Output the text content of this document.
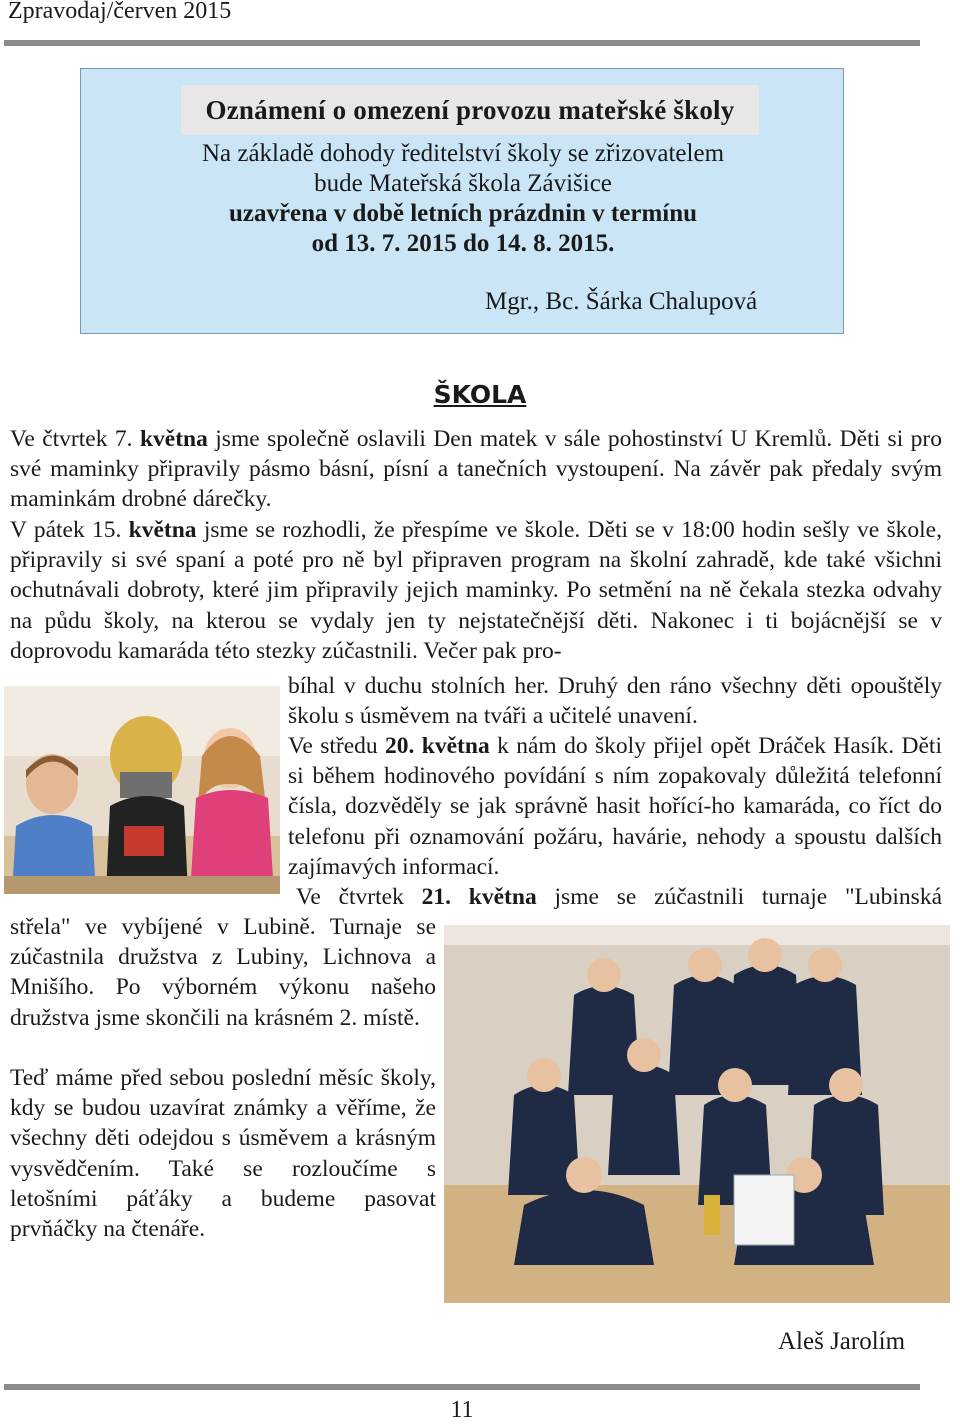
Zpravodaj/červen 2015
Oznámení o omezení provozu mateřské školy
Na základě dohody ředitelství školy se zřizovatelem
bude Mateřská škola Závišice
uzavřena v době letních prázdnin v termínu
od 13. 7. 2015 do 14. 8. 2015.
Mgr., Bc. Šárka Chalupová
ŠKOLA
Ve čtvrtek 7. května jsme společně oslavili Den matek v sále pohostinství U Kremlů. Děti si pro své maminky připravily pásmo básní, písní a tanečních vystoupení. Na závěr pak předaly svým maminkám drobné dárečky.
V pátek 15. května jsme se rozhodli, že přespíme ve škole. Děti se v 18:00 hodin sešly ve škole, připravily si své spaní a poté pro ně byl připraven program na školní zahradě, kde také všichni ochutnávali dobroty, které jim připravily jejich maminky. Po setmění na ně čekala stezka odvahy na půdu školy, na kterou se vydaly jen ty nejstatečnější děti. Nakonec i ti bojácnější se v doprovodu kamaráda této stezky zúčastnili. Večer pak pro-
bíhal v duchu stolních her. Druhý den ráno všechny děti opouštěly školu s úsměvem na tváři a učitelé unavení.
Ve středu 20. května k nám do školy přijel opět Dráček Hasík. Děti si během hodinového povídání s ním zopakovaly důležitá telefonní čísla, dozvěděly se jak správně hasit hořící-ho kamaráda, co říct do telefonu při oznamování požáru, havárie, nehody a spoustu dalších zajímavých informací.
Ve čtvrtek 21. května jsme se zúčastnili turnaje "Lubinská
střela" ve vybíjené v Lubině. Turnaje se zúčastnila družstva z Lubiny, Lichnova a Mnišího. Po výborném výkonu našeho družstva jsme skončili na krásném 2. místě.
Teď máme před sebou poslední měsíc školy, kdy se budou uzavírat známky a věříme, že všechny děti odejdou s úsměvem a krásným vysvědčením. Také se rozloučíme s letošními páťáky a budeme pasovat prvňáčky na čtenáře.
Aleš Jarolím
11
